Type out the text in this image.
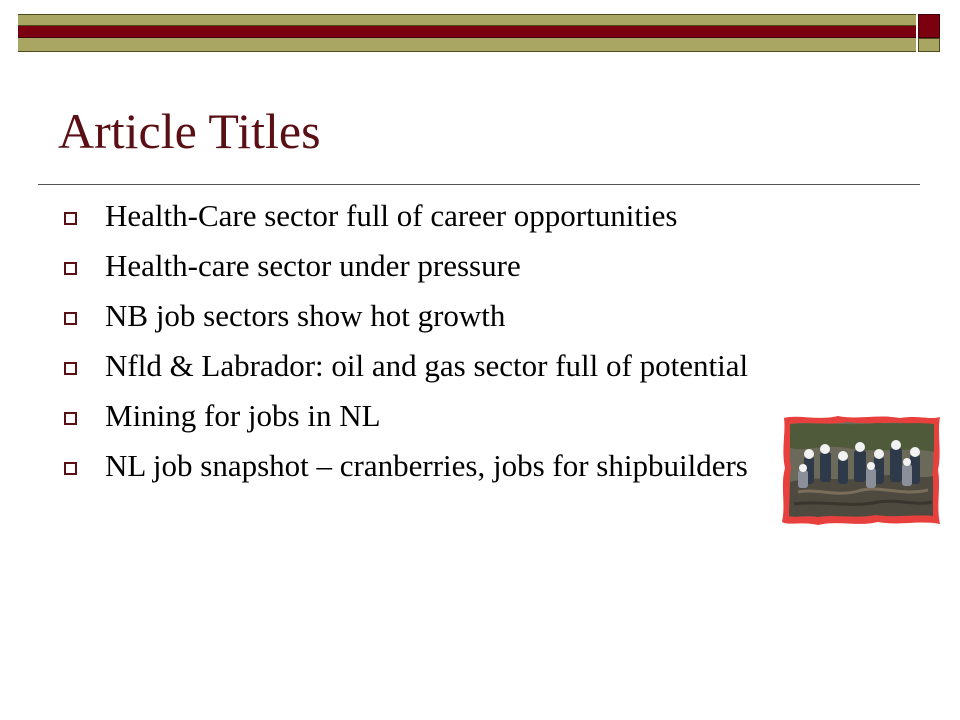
Article Titles
Health-Care sector full of career opportunities
Health-care sector under pressure
NB job sectors show hot growth
Nfld & Labrador: oil and gas sector full of potential
Mining for jobs in NL
NL job snapshot – cranberries, jobs for shipbuilders
